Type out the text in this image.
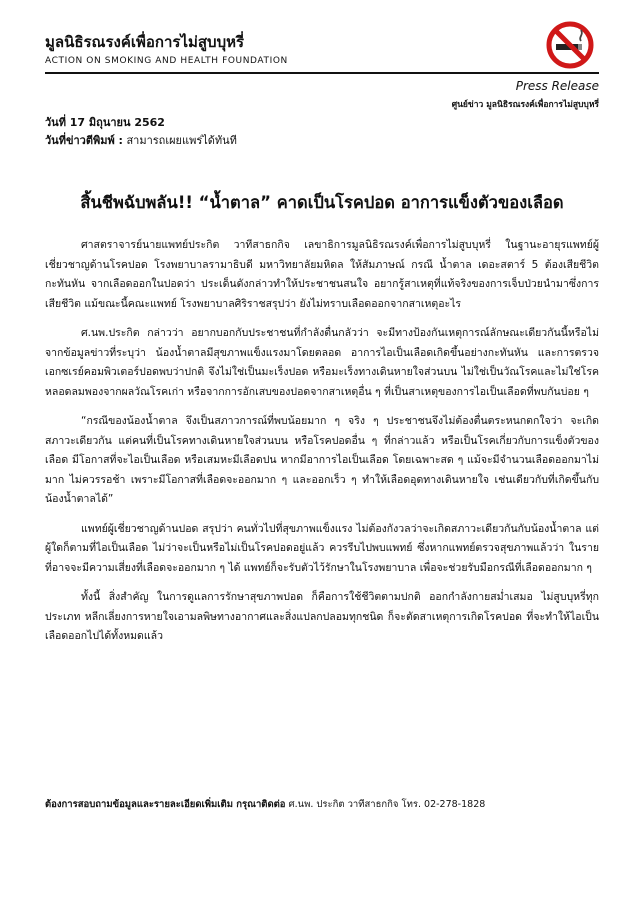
มูลนิธิรณรงค์เพื่อการไม่สูบบุหรี่
ACTION ON SMOKING AND HEALTH FOUNDATION
Press Release
ศูนย์ข่าว มูลนิธิรณรงค์เพื่อการไม่สูบบุหรี่
วันที่ 17 มิถุนายน 2562
วันที่ข่าวตีพิมพ์ : สามารถเผยแพร่ได้ทันที
สิ้นชีพฉับพลัน!! “น้ำตาล” คาดเป็นโรคปอด อาการแข็งตัวของเลือด

ศาสตราจารย์นายแพทย์ประกิต วาทีสาธกกิจ เลขาธิการมูลนิธิรณรงค์เพื่อการไม่สูบบุหรี่ ในฐานะอายุรแพทย์ผู้เชี่ยวชาญด้านโรคปอด โรงพยาบาลรามาธิบดี มหาวิทยาลัยมหิดล ให้สัมภาษณ์ กรณี น้ำตาล เดอะสตาร์ 5 ต้องเสียชีวิตกะทันหัน จากเลือดออกในปอดว่า ประเด็นดังกล่าวทำให้ประชาชนสนใจ อยากรู้สาเหตุที่แท้จริงของการเจ็บป่วยนำมาซึ่งการเสียชีวิต แม้ขณะนี้คณะแพทย์ โรงพยาบาลศิริราชสรุปว่า ยังไม่ทราบเลือดออกจากสาเหตุอะไร

ศ.นพ.ประกิต กล่าวว่า อยากบอกกับประชาชนที่กำลังตื่นกลัวว่า จะมีทางป้องกันเหตุการณ์ลักษณะเดียวกันนี้หรือไม่ จากข้อมูลข่าวที่ระบุว่า น้องน้ำตาลมีสุขภาพแข็งแรงมาโดยตลอด อาการไอเป็นเลือดเกิดขึ้นอย่างกะทันหัน และการตรวจเอกซเรย์คอมพิวเตอร์ปอดพบว่าปกติ จึงไม่ใช่เป็นมะเร็งปอด หรือมะเร็งทางเดินหายใจส่วนบน ไม่ใช่เป็นวัณโรคและไม่ใช่โรคหลอดลมพองจากผลวัณโรคเก่า หรือจากการอักเสบของปอดจากสาเหตุอื่น ๆ ที่เป็นสาเหตุของการไอเป็นเลือดที่พบกันบ่อย ๆ

“กรณีของน้องน้ำตาล จึงเป็นสภาวการณ์ที่พบน้อยมาก ๆ จริง ๆ ประชาชนจึงไม่ต้องตื่นตระหนกตกใจว่า จะเกิดสภาวะเดียวกัน แต่คนที่เป็นโรคทางเดินหายใจส่วนบน หรือโรคปอดอื่น ๆ ที่กล่าวแล้ว หรือเป็นโรคเกี่ยวกับการแข็งตัวของเลือด มีโอกาสที่จะไอเป็นเลือด หรือเสมหะมีเลือดปน หากมีอาการไอเป็นเลือด โดยเฉพาะสด ๆ แม้จะมีจำนวนเลือดออกมาไม่มาก ไม่ควรรอช้า เพราะมีโอกาสที่เลือดจะออกมาก ๆ และออกเร็ว ๆ ทำให้เลือดอุดทางเดินหายใจ เช่นเดียวกับที่เกิดขึ้นกับน้องน้ำตาลได้”

แพทย์ผู้เชี่ยวชาญด้านปอด สรุปว่า คนทั่วไปที่สุขภาพแข็งแรง ไม่ต้องกังวลว่าจะเกิดสภาวะเดียวกันกับน้องน้ำตาล แต่ผู้ใดก็ตามที่ไอเป็นเลือด ไม่ว่าจะเป็นหรือไม่เป็นโรคปอดอยู่แล้ว ควรรีบไปพบแพทย์ ซึ่งหากแพทย์ตรวจสุขภาพแล้วว่า ในรายที่อาจจะมีความเสี่ยงที่เลือดจะออกมาก ๆ ได้ แพทย์ก็จะรับตัวไว้รักษาในโรงพยาบาล เพื่อจะช่วยรับมือกรณีที่เลือดออกมาก ๆ

ทั้งนี้ สิ่งสำคัญ ในการดูแลการรักษาสุขภาพปอด ก็คือการใช้ชีวิตตามปกติ ออกกำลังกายสม่ำเสมอ ไม่สูบบุหรี่ทุกประเภท หลีกเลี่ยงการหายใจเอามลพิษทางอากาศและสิ่งแปลกปลอมทุกชนิด ก็จะตัดสาเหตุการเกิดโรคปอด ที่จะทำให้ไอเป็นเลือดออกไปได้ทั้งหมดแล้ว

ต้องการสอบถามข้อมูลและรายละเอียดเพิ่มเติม กรุณาติดต่อ ศ.นพ. ประกิต วาทีสาธกกิจ โทร. 02-278-1828
